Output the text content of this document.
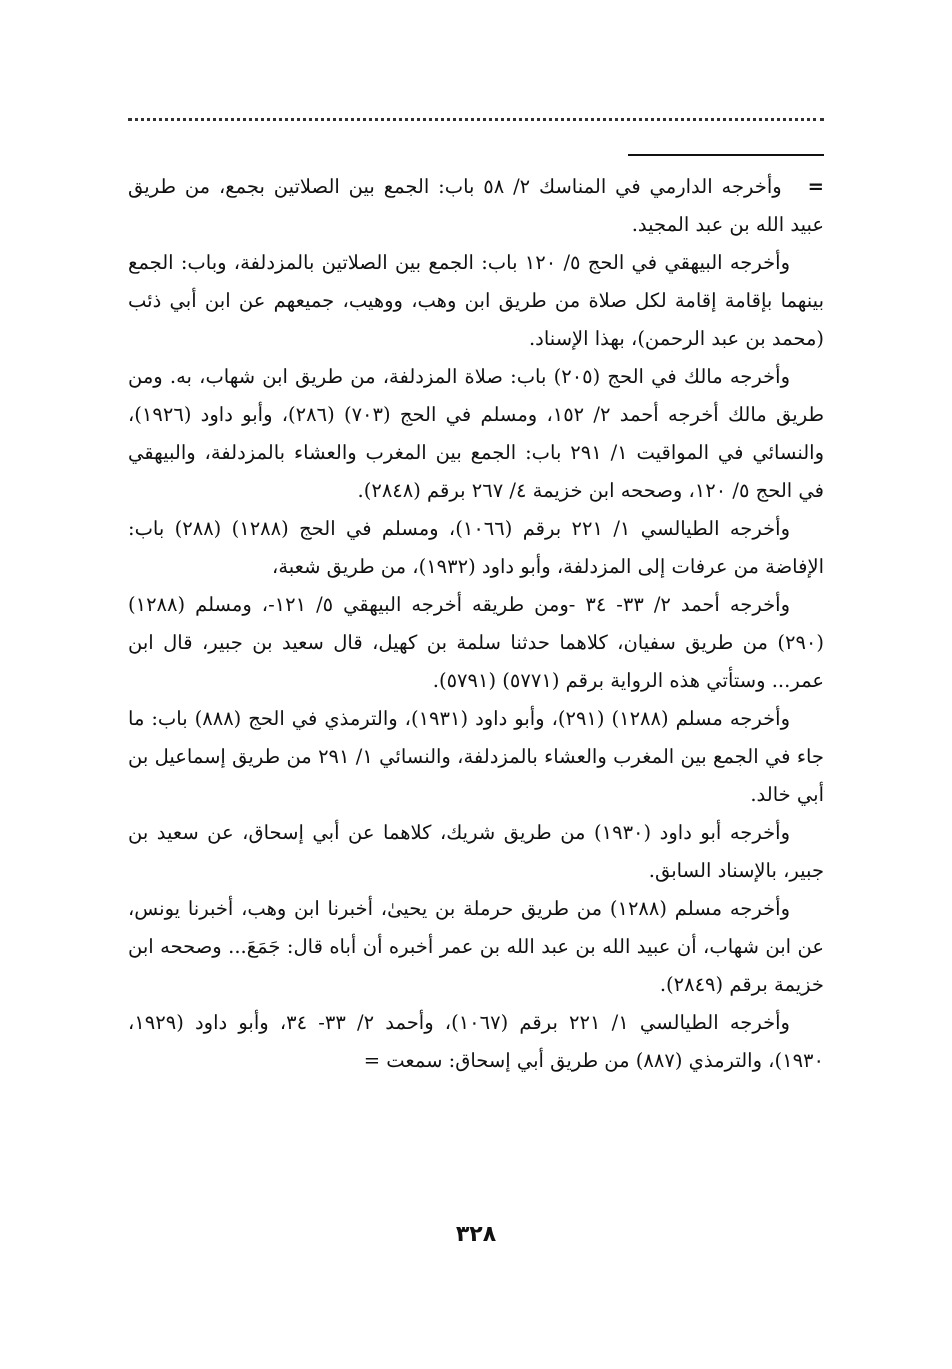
=وأخرجه الدارمي في المناسك ٢/ ٥٨ باب: الجمع بين الصلاتين بجمع، من طريق عبيد الله بن عبد المجيد.

وأخرجه البيهقي في الحج ٥/ ١٢٠ باب: الجمع بين الصلاتين بالمزدلفة، وباب: الجمع بينهما بإقامة إقامة لكل صلاة من طريق ابن وهب، ووهيب، جميعهم عن ابن أبي ذئب (محمد بن عبد الرحمن)، بهذا الإسناد.

وأخرجه مالك في الحج (٢٠٥) باب: صلاة المزدلفة، من طريق ابن شهاب، به. ومن طريق مالك أخرجه أحمد ٢/ ١٥٢، ومسلم في الحج (٧٠٣) (٢٨٦)، وأبو داود (١٩٢٦)، والنسائي في المواقيت ١/ ٢٩١ باب: الجمع بين المغرب والعشاء بالمزدلفة، والبيهقي في الحج ٥/ ١٢٠، وصححه ابن خزيمة ٤/ ٢٦٧ برقم (٢٨٤٨).

وأخرجه الطيالسي ١/ ٢٢١ برقم (١٠٦٦)، ومسلم في الحج (١٢٨٨) (٢٨٨) باب: الإفاضة من عرفات إلى المزدلفة، وأبو داود (١٩٣٢)، من طريق شعبة،

وأخرجه أحمد ٢/ ٣٣- ٣٤ -ومن طريقه أخرجه البيهقي ٥/ ١٢١-، ومسلم (١٢٨٨) (٢٩٠) من طريق سفيان، كلاهما حدثنا سلمة بن كهيل، قال سعيد بن جبير، قال ابن عمر... وستأتي هذه الرواية برقم (٥٧٧١) (٥٧٩١).

وأخرجه مسلم (١٢٨٨) (٢٩١)، وأبو داود (١٩٣١)، والترمذي في الحج (٨٨٨) باب: ما جاء في الجمع بين المغرب والعشاء بالمزدلفة، والنسائي ١/ ٢٩١ من طريق إسماعيل بن أبي خالد.

وأخرجه أبو داود (١٩٣٠) من طريق شريك، كلاهما عن أبي إسحاق، عن سعيد بن جبير، بالإسناد السابق.

وأخرجه مسلم (١٢٨٨) من طريق حرملة بن يحيىٰ، أخبرنا ابن وهب، أخبرنا يونس، عن ابن شهاب، أن عبيد الله بن عبد الله بن عمر أخبره أن أباه قال: جَمَعَ... وصححه ابن خزيمة برقم (٢٨٤٩).

وأخرجه الطيالسي ١/ ٢٢١ برقم (١٠٦٧)، وأحمد ٢/ ٣٣- ٣٤، وأبو داود (١٩٢٩، ١٩٣٠)، والترمذي (٨٨٧) من طريق أبي إسحاق: سمعت =

٣٢٨
